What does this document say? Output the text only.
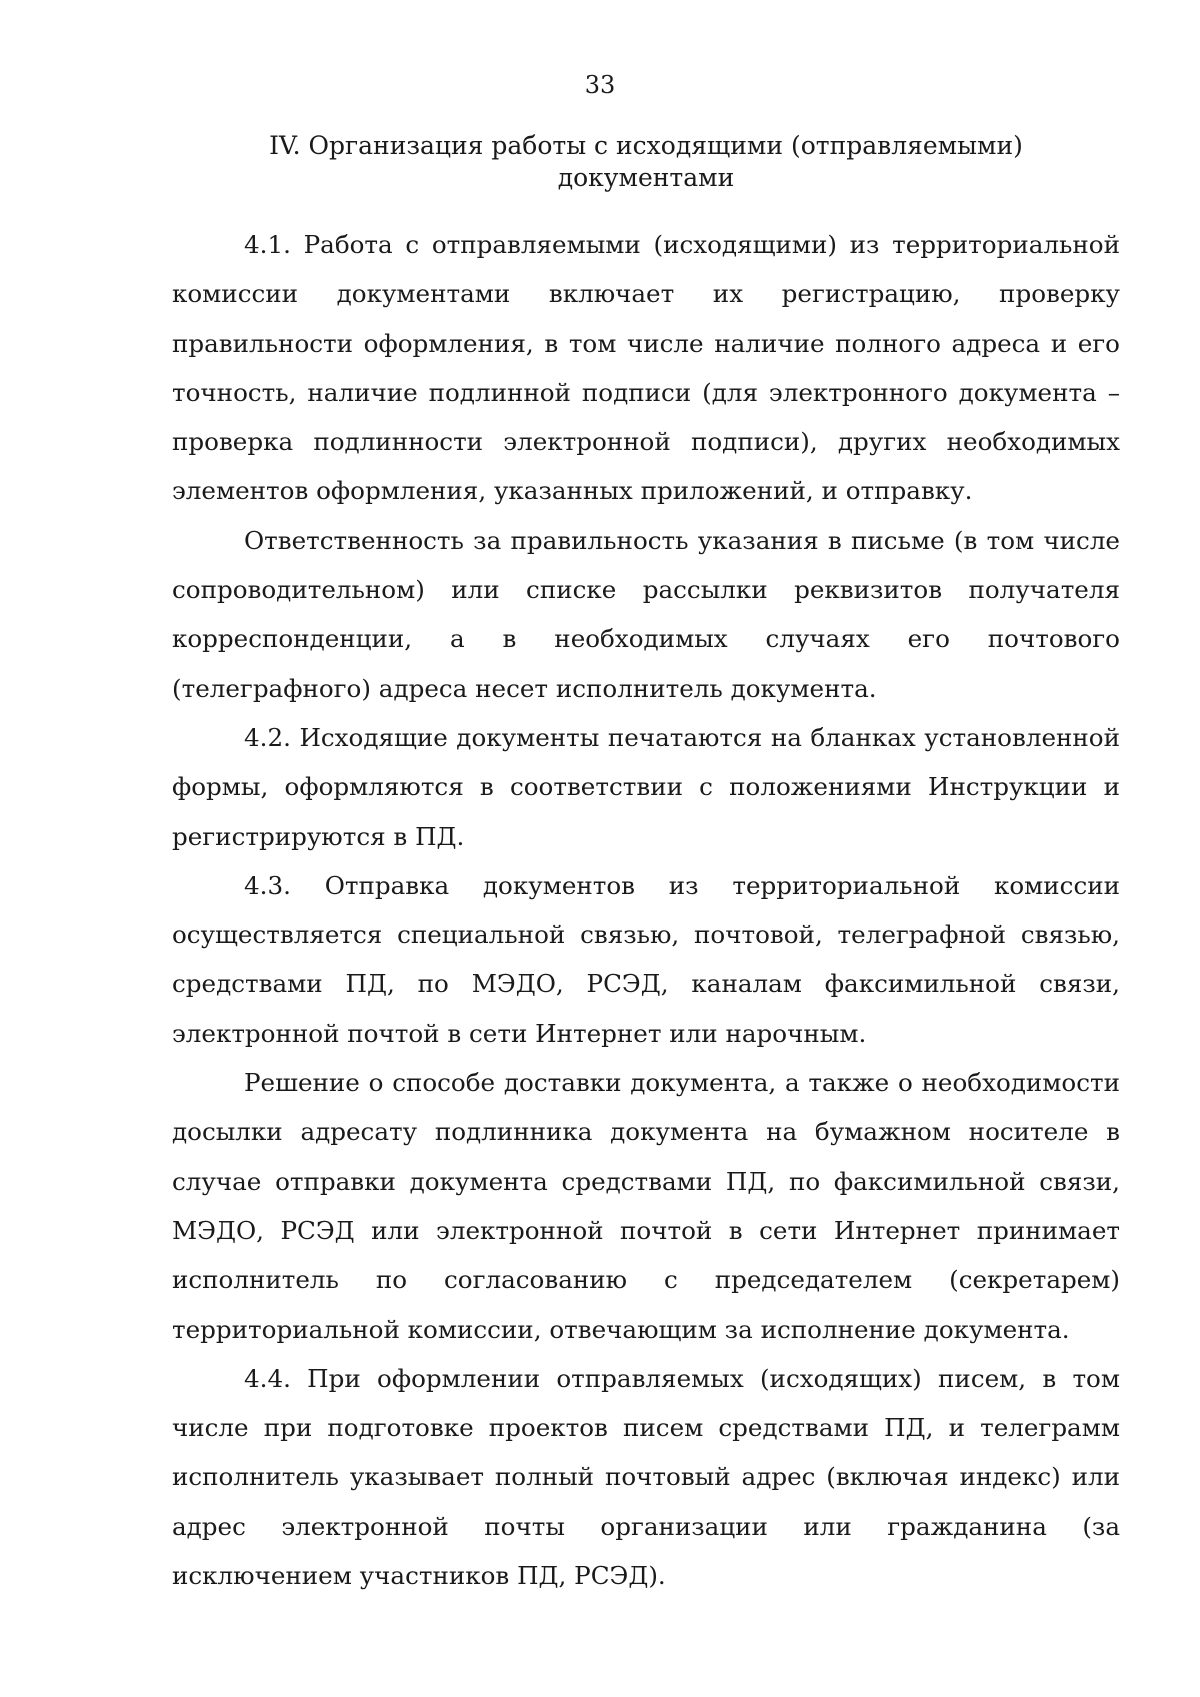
33
IV. Организация работы с исходящими (отправляемыми)
документами

4.1. Работа с отправляемыми (исходящими) из территориальной комиссии документами включает их регистрацию, проверку правильности оформления, в том числе наличие полного адреса и его точность, наличие подлинной подписи (для электронного документа – проверка подлинности электронной подписи), других необходимых элементов оформления, указанных приложений, и отправку.

Ответственность за правильность указания в письме (в том числе сопроводительном) или списке рассылки реквизитов получателя корреспонденции, а в необходимых случаях его почтового (телеграфного) адреса несет исполнитель документа.

4.2. Исходящие документы печатаются на бланках установленной формы, оформляются в соответствии с положениями Инструкции и регистрируются в ПД.

4.3. Отправка документов из территориальной комиссии осуществляется специальной связью, почтовой, телеграфной связью, средствами ПД, по МЭДО, РСЭД, каналам факсимильной связи, электронной почтой в сети Интернет или нарочным.

Решение о способе доставки документа, а также о необходимости досылки адресату подлинника документа на бумажном носителе в случае отправки документа средствами ПД, по факсимильной связи, МЭДО, РСЭД или электронной почтой в сети Интернет принимает исполнитель по согласованию с председателем (секретарем) территориальной комиссии, отвечающим за исполнение документа.

4.4. При оформлении отправляемых (исходящих) писем, в том числе при подготовке проектов писем средствами ПД, и телеграмм исполнитель указывает полный почтовый адрес (включая индекс) или адрес электронной почты организации или гражданина (за исключением участников ПД, РСЭД).
